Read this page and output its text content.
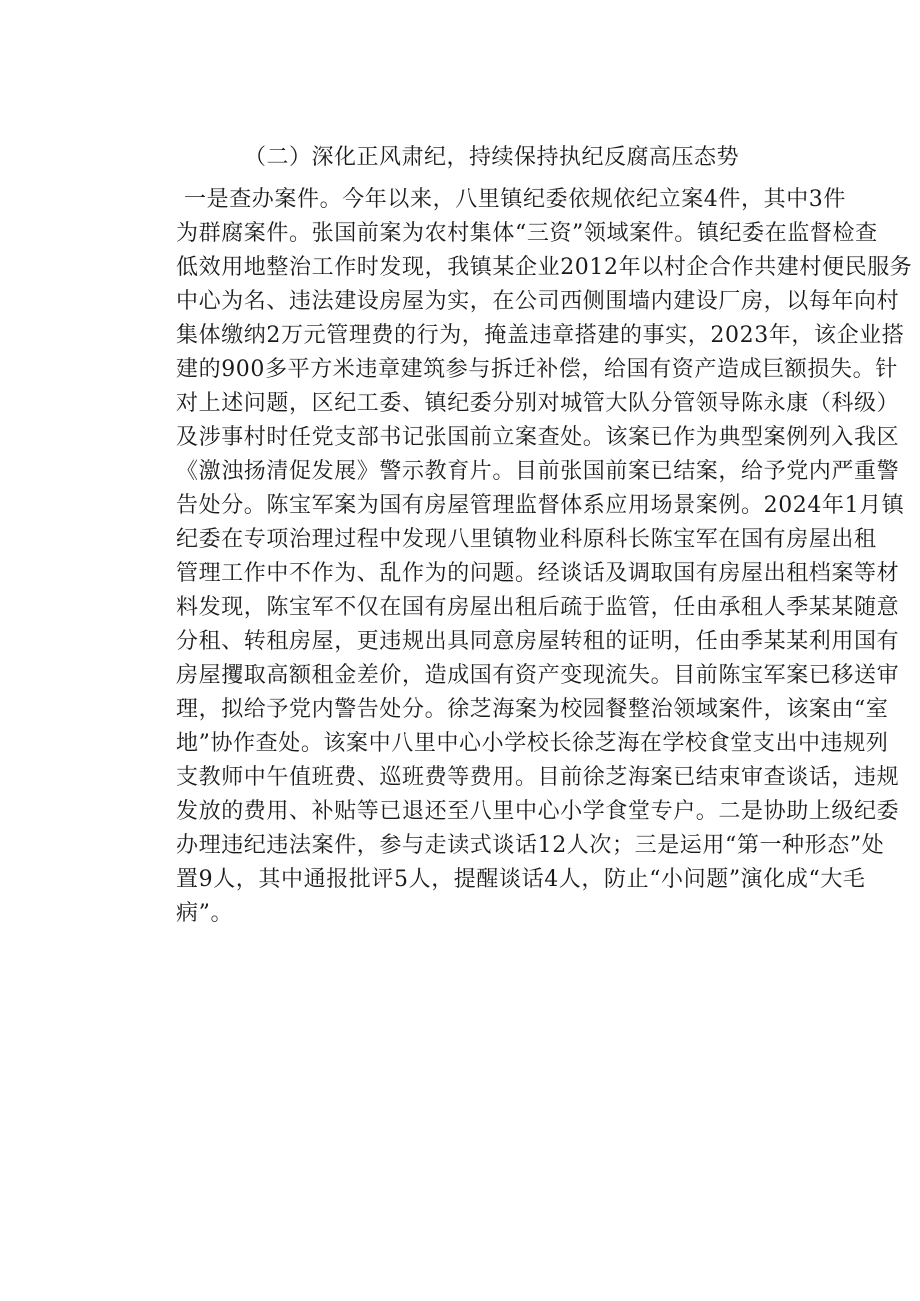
（二）深化正风肃纪，持续保持执纪反腐高压态势

一是查办案件。今年以来，八里镇纪委依规依纪立案4件，其中3件

为群腐案件。张国前案为农村集体“三资”领域案件。镇纪委在监督检查

低效用地整治工作时发现，我镇某企业2012年以村企合作共建村便民服务

中心为名、违法建设房屋为实，在公司西侧围墙内建设厂房，以每年向村

集体缴纳2万元管理费的行为，掩盖违章搭建的事实，2023年，该企业搭

建的900多平方米违章建筑参与拆迁补偿，给国有资产造成巨额损失。针

对上述问题，区纪工委、镇纪委分别对城管大队分管领导陈永康（科级）

及涉事村时任党支部书记张国前立案查处。该案已作为典型案例列入我区

《激浊扬清促发展》警示教育片。目前张国前案已结案，给予党内严重警

告处分。陈宝军案为国有房屋管理监督体系应用场景案例。2024年1月镇

纪委在专项治理过程中发现八里镇物业科原科长陈宝军在国有房屋出租

管理工作中不作为、乱作为的问题。经谈话及调取国有房屋出租档案等材

料发现，陈宝军不仅在国有房屋出租后疏于监管，任由承租人季某某随意

分租、转租房屋，更违规出具同意房屋转租的证明，任由季某某利用国有

房屋攫取高额租金差价，造成国有资产变现流失。目前陈宝军案已移送审

理，拟给予党内警告处分。徐芝海案为校园餐整治领域案件，该案由“室

地”协作查处。该案中八里中心小学校长徐芝海在学校食堂支出中违规列

支教师中午值班费、巡班费等费用。目前徐芝海案已结束审查谈话，违规

发放的费用、补贴等已退还至八里中心小学食堂专户。二是协助上级纪委

办理违纪违法案件，参与走读式谈话12人次；三是运用“第一种形态”处

置9人，其中通报批评5人，提醒谈话4人，防止“小问题”演化成“大毛

病”。
